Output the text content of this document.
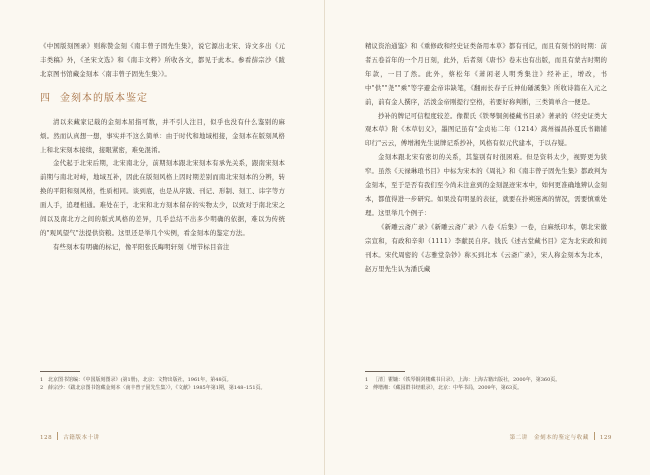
《中国版刻图录》则称赞金刻《南丰曾子固先生集》，说它源出北宋、诗文多出《元丰类稿》外，《圣宋文选》和《南丰文粹》所收各文，都见于此本。参看薛宗沙《跋北京图书馆藏金刻本〈南丰曾子固先生集〉》。

四 金刻本的版本鉴定

清以来藏家记载的金刻本屈指可数，并不引人注目，似乎也没有什么鉴别的麻烦。然而认真想一想，事实并不这么简单：由于时代和地域相接，金刻本在版刻风格上和北宋刻本接续，接眼紧密，难免混淆。

金代起于北宋后期，北宋南北分，前期刻本跟北宋刻本有承先关系，跟南宋刻本前期与南北对峙，地域互补，因此在版刻风格上因时期差别而南北宋刻本的分辨，转换的平阳和刻风格，性质相同。谈到底，也是从序跋、刊记、形制、刻工、讳字等方面人手，追理相通。难处在于，北宋和北方刻本留存的实物太少，以致对于南北宋之间以及南北方之间的版式风格的差异，几乎总结不出多少明确的依据，难以为传统的"观风望气"法提供资粮。这里还是举几个实例，看金刻本的鉴定方法。

有些刻本有明确的标记，像平阳张氏晦明轩刻《增节标目音注

1 北京图书馆编：《中国版刻图录》(第1册)，北京：文物出版社，1961年，第48页。

2 薛宗沙：《跋北京图书馆藏金刻本〈南丰曾子固先生集〉》，《文献》1985年第1期，第148–151页。

128 古籍版本十讲

精议资治通鉴》和《重修政和经史证类备用本草》都有刊记，而且有刻书的时期：前者五卷首年的一个月日刻，此外，后者刻《唐书》卷末也有出版，而且有蒙古时期的年款，一目了然。此外，蔡松年《萧闲老人明秀集注》经补正，增改，书中"供""尧""乘"等字避金帝讳缺笔，《翻雨长春子丘神仙磻溪集》所收诗篇在入元之前，前有金人撰序，活泼金帝刚提行空格，若要好称判断，三类简单合一便是。

抄补的牌记可信程度较差。像瞿氏《铁琴铜剑楼藏书目录》著录的《经史证类大观本草》附《本草衍义》，墨图记虽有"金贞祐二年（1214）嵩州福昌孙夏氏书籍铺印行"云云，傅增湘先生说牌记系抄补，风格有似元代建本，于以存疑。

金刻本跟北宋有密切的关系，其鉴别有时很困难。但是资料太少，视野更为狭窄。虽然《天禄琳琅书目》中标为宋本的《周礼》和《南丰曾子固先生集》都政判为金刻本，至于是否有我们至今尚未注意到的金刻混迹宋本中，如何更准确地辨认金刻本，都值得进一步研究。如果没有明显的表征，就要在扑朔迷离的情况，需要慎重处理。这里举几个例子：

《新雕云斋广录》《新雕云斋广录》八卷《后集》一卷，白麻纸印本，朝北宋徽宗宣和，有政和辛卯（1111）李献民自序。钱氏《述古堂藏书目》定为北宋政和间刊本。宋代周密的《志雅堂杂钞》称买到北本《云斋广录》，宋人称金刻本为北本，赵万里先生认为潘氏藏

1 ［清］瞿镛：《铁琴铜剑楼藏书目录》，上海：上海古籍出版社，2000年，第360页。

2 傅增湘：《藏园群书经眼录》，北京：中华书局，2009年，第63页。

第二讲　金刻本的鉴定与收藏 129
